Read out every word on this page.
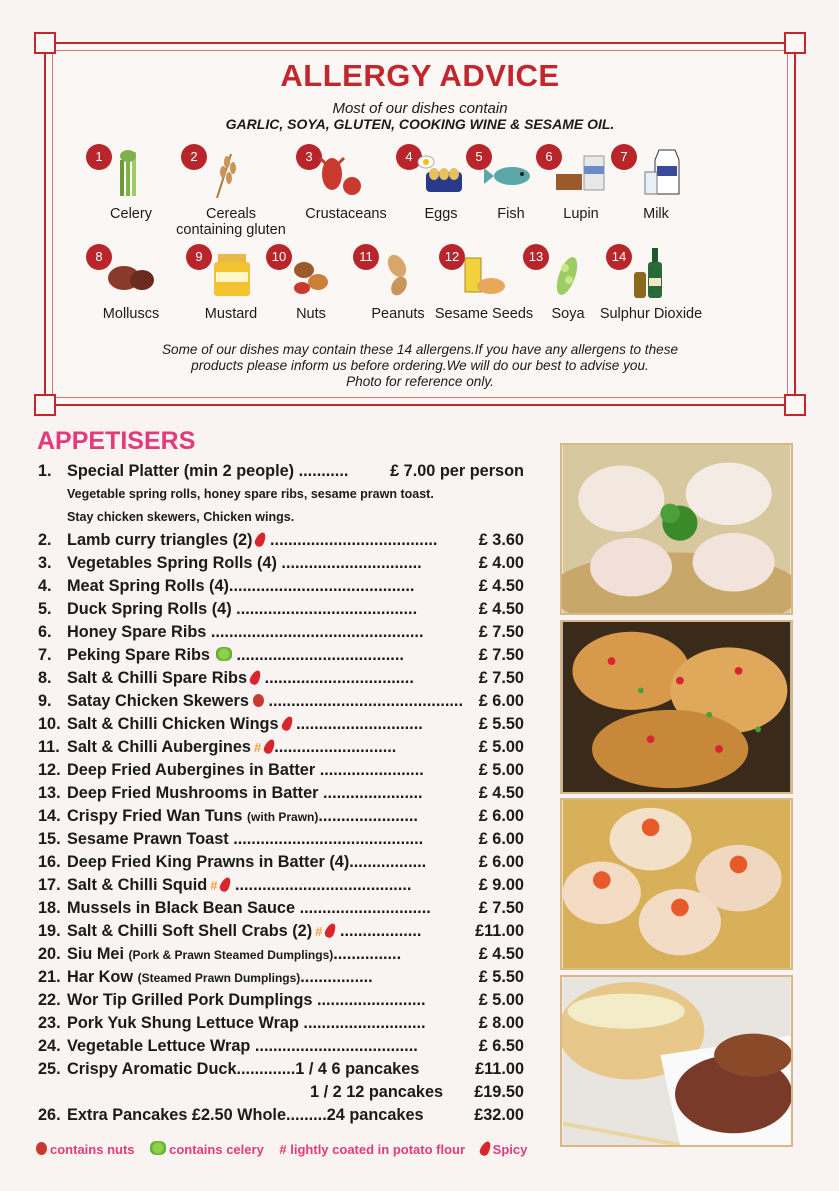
ALLERGY ADVICE
Most of our dishes contain
GARLIC, SOYA, GLUTEN, COOKING WINE & SESAME OIL.
1
Celery
2
Cereals containing gluten
3
Crustaceans
4
Eggs
5
Fish
6
Lupin
7
Milk
8
Molluscs
9
Mustard
10
Nuts
11
Peanuts
12
Sesame Seeds
13
Soya
14
Sulphur Dioxide
Some of our dishes may contain these 14 allergens.If you have any allergens to these
products please inform us before ordering.We will do our best to advise you.
Photo for reference only.
APPETISERS
1. Special Platter (min 2 people) ...........	£ 7.00 per person
Vegetable spring rolls, honey spare ribs, sesame prawn toast.
Stay chicken skewers, Chicken wings.
2. Lamb curry triangles (2) .....................................	£ 3.60
3. Vegetables Spring Rolls (4) ...............................	£ 4.00
4. Meat Spring Rolls (4).........................................	£ 4.50
5. Duck Spring Rolls (4) ........................................	£ 4.50
6. Honey Spare Ribs ...............................................	£ 7.50
7. Peking Spare Ribs .....................................	£ 7.50
8. Salt & Chilli Spare Ribs .................................	£ 7.50
9. Satay Chicken Skewers ........................................... £ 6.00
10. Salt & Chilli Chicken Wings ............................	£ 5.50
11. Salt & Chilli Aubergines # ...........................	£ 5.00
12. Deep Fried Aubergines in Batter .......................	£ 5.00
13. Deep Fried Mushrooms in Batter ......................	£ 4.50
14. Crispy Fried Wan Tuns (with Prawn)......................	£ 6.00
15. Sesame Prawn Toast ..........................................	£ 6.00
16. Deep Fried King Prawns in Batter (4).................	£ 6.00
17. Salt & Chilli Squid # .......................................	£ 9.00
18. Mussels in Black Bean Sauce .............................	£ 7.50
19. Salt & Chilli Soft Shell Crabs (2) # ..................	£11.00
20. Siu Mei (Pork & Prawn Steamed Dumplings)...............	£ 4.50
21. Har Kow (Steamed Prawn Dumplings)................	£ 5.50
22. Wor Tip Grilled Pork Dumplings ........................	£ 5.00
23. Pork Yuk Shung Lettuce Wrap ...........................	£ 8.00
24. Vegetable Lettuce Wrap ....................................	£ 6.50
25. Crispy Aromatic Duck.............1 / 4 6 pancakes	£11.00
1 / 2 12 pancakes £19.50
26. Extra Pancakes £2.50 Whole.........24 pancakes	£32.00
contains nuts	contains celery # lightly coated in potato flour Spicy
